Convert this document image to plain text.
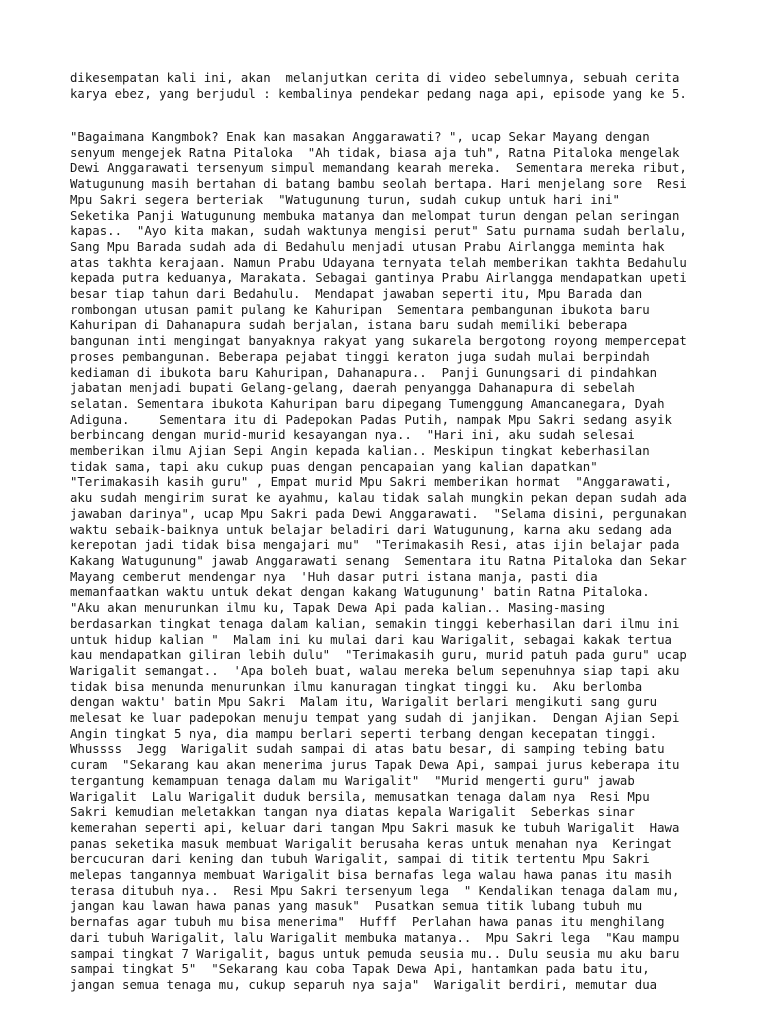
dikesempatan kali ini, akan  melanjutkan cerita di video sebelumnya, sebuah cerita
karya ebez, yang berjudul : kembalinya pendekar pedang naga api, episode yang ke 5.
"Bagaimana Kangmbok? Enak kan masakan Anggarawati? ", ucap Sekar Mayang dengan
senyum mengejek Ratna Pitaloka  "Ah tidak, biasa aja tuh", Ratna Pitaloka mengelak
Dewi Anggarawati tersenyum simpul memandang kearah mereka.  Sementara mereka ribut,
Watugunung masih bertahan di batang bambu seolah bertapa. Hari menjelang sore  Resi
Mpu Sakri segera berteriak  "Watugunung turun, sudah cukup untuk hari ini"
Seketika Panji Watugunung membuka matanya dan melompat turun dengan pelan seringan
kapas..  "Ayo kita makan, sudah waktunya mengisi perut" Satu purnama sudah berlalu,
Sang Mpu Barada sudah ada di Bedahulu menjadi utusan Prabu Airlangga meminta hak
atas takhta kerajaan. Namun Prabu Udayana ternyata telah memberikan takhta Bedahulu
kepada putra keduanya, Marakata. Sebagai gantinya Prabu Airlangga mendapatkan upeti
besar tiap tahun dari Bedahulu.  Mendapat jawaban seperti itu, Mpu Barada dan
rombongan utusan pamit pulang ke Kahuripan  Sementara pembangunan ibukota baru
Kahuripan di Dahanapura sudah berjalan, istana baru sudah memiliki beberapa
bangunan inti mengingat banyaknya rakyat yang sukarela bergotong royong mempercepat
proses pembangunan. Beberapa pejabat tinggi keraton juga sudah mulai berpindah
kediaman di ibukota baru Kahuripan, Dahanapura..  Panji Gunungsari di pindahkan
jabatan menjadi bupati Gelang-gelang, daerah penyangga Dahanapura di sebelah
selatan. Sementara ibukota Kahuripan baru dipegang Tumenggung Amancanegara, Dyah
Adiguna.    Sementara itu di Padepokan Padas Putih, nampak Mpu Sakri sedang asyik
berbincang dengan murid-murid kesayangan nya..  "Hari ini, aku sudah selesai
memberikan ilmu Ajian Sepi Angin kepada kalian.. Meskipun tingkat keberhasilan
tidak sama, tapi aku cukup puas dengan pencapaian yang kalian dapatkan"
"Terimakasih kasih guru" , Empat murid Mpu Sakri memberikan hormat  "Anggarawati,
aku sudah mengirim surat ke ayahmu, kalau tidak salah mungkin pekan depan sudah ada
jawaban darinya", ucap Mpu Sakri pada Dewi Anggarawati.  "Selama disini, pergunakan
waktu sebaik-baiknya untuk belajar beladiri dari Watugunung, karna aku sedang ada
kerepotan jadi tidak bisa mengajari mu"  "Terimakasih Resi, atas ijin belajar pada
Kakang Watugunung" jawab Anggarawati senang  Sementara itu Ratna Pitaloka dan Sekar
Mayang cemberut mendengar nya  'Huh dasar putri istana manja, pasti dia
memanfaatkan waktu untuk dekat dengan kakang Watugunung' batin Ratna Pitaloka.
"Aku akan menurunkan ilmu ku, Tapak Dewa Api pada kalian.. Masing-masing
berdasarkan tingkat tenaga dalam kalian, semakin tinggi keberhasilan dari ilmu ini
untuk hidup kalian "  Malam ini ku mulai dari kau Warigalit, sebagai kakak tertua
kau mendapatkan giliran lebih dulu"  "Terimakasih guru, murid patuh pada guru" ucap
Warigalit semangat..  'Apa boleh buat, walau mereka belum sepenuhnya siap tapi aku
tidak bisa menunda menurunkan ilmu kanuragan tingkat tinggi ku.  Aku berlomba
dengan waktu' batin Mpu Sakri  Malam itu, Warigalit berlari mengikuti sang guru
melesat ke luar padepokan menuju tempat yang sudah di janjikan.  Dengan Ajian Sepi
Angin tingkat 5 nya, dia mampu berlari seperti terbang dengan kecepatan tinggi.
Whussss  Jegg  Warigalit sudah sampai di atas batu besar, di samping tebing batu
curam  "Sekarang kau akan menerima jurus Tapak Dewa Api, sampai jurus keberapa itu
tergantung kemampuan tenaga dalam mu Warigalit"  "Murid mengerti guru" jawab
Warigalit  Lalu Warigalit duduk bersila, memusatkan tenaga dalam nya  Resi Mpu
Sakri kemudian meletakkan tangan nya diatas kepala Warigalit  Seberkas sinar
kemerahan seperti api, keluar dari tangan Mpu Sakri masuk ke tubuh Warigalit  Hawa
panas seketika masuk membuat Warigalit berusaha keras untuk menahan nya  Keringat
bercucuran dari kening dan tubuh Warigalit, sampai di titik tertentu Mpu Sakri
melepas tangannya membuat Warigalit bisa bernafas lega walau hawa panas itu masih
terasa ditubuh nya..  Resi Mpu Sakri tersenyum lega  " Kendalikan tenaga dalam mu,
jangan kau lawan hawa panas yang masuk"  Pusatkan semua titik lubang tubuh mu
bernafas agar tubuh mu bisa menerima"  Hufff  Perlahan hawa panas itu menghilang
dari tubuh Warigalit, lalu Warigalit membuka matanya..  Mpu Sakri lega  "Kau mampu
sampai tingkat 7 Warigalit, bagus untuk pemuda seusia mu.. Dulu seusia mu aku baru
sampai tingkat 5"  "Sekarang kau coba Tapak Dewa Api, hantamkan pada batu itu,
jangan semua tenaga mu, cukup separuh nya saja"  Warigalit berdiri, memutar dua
